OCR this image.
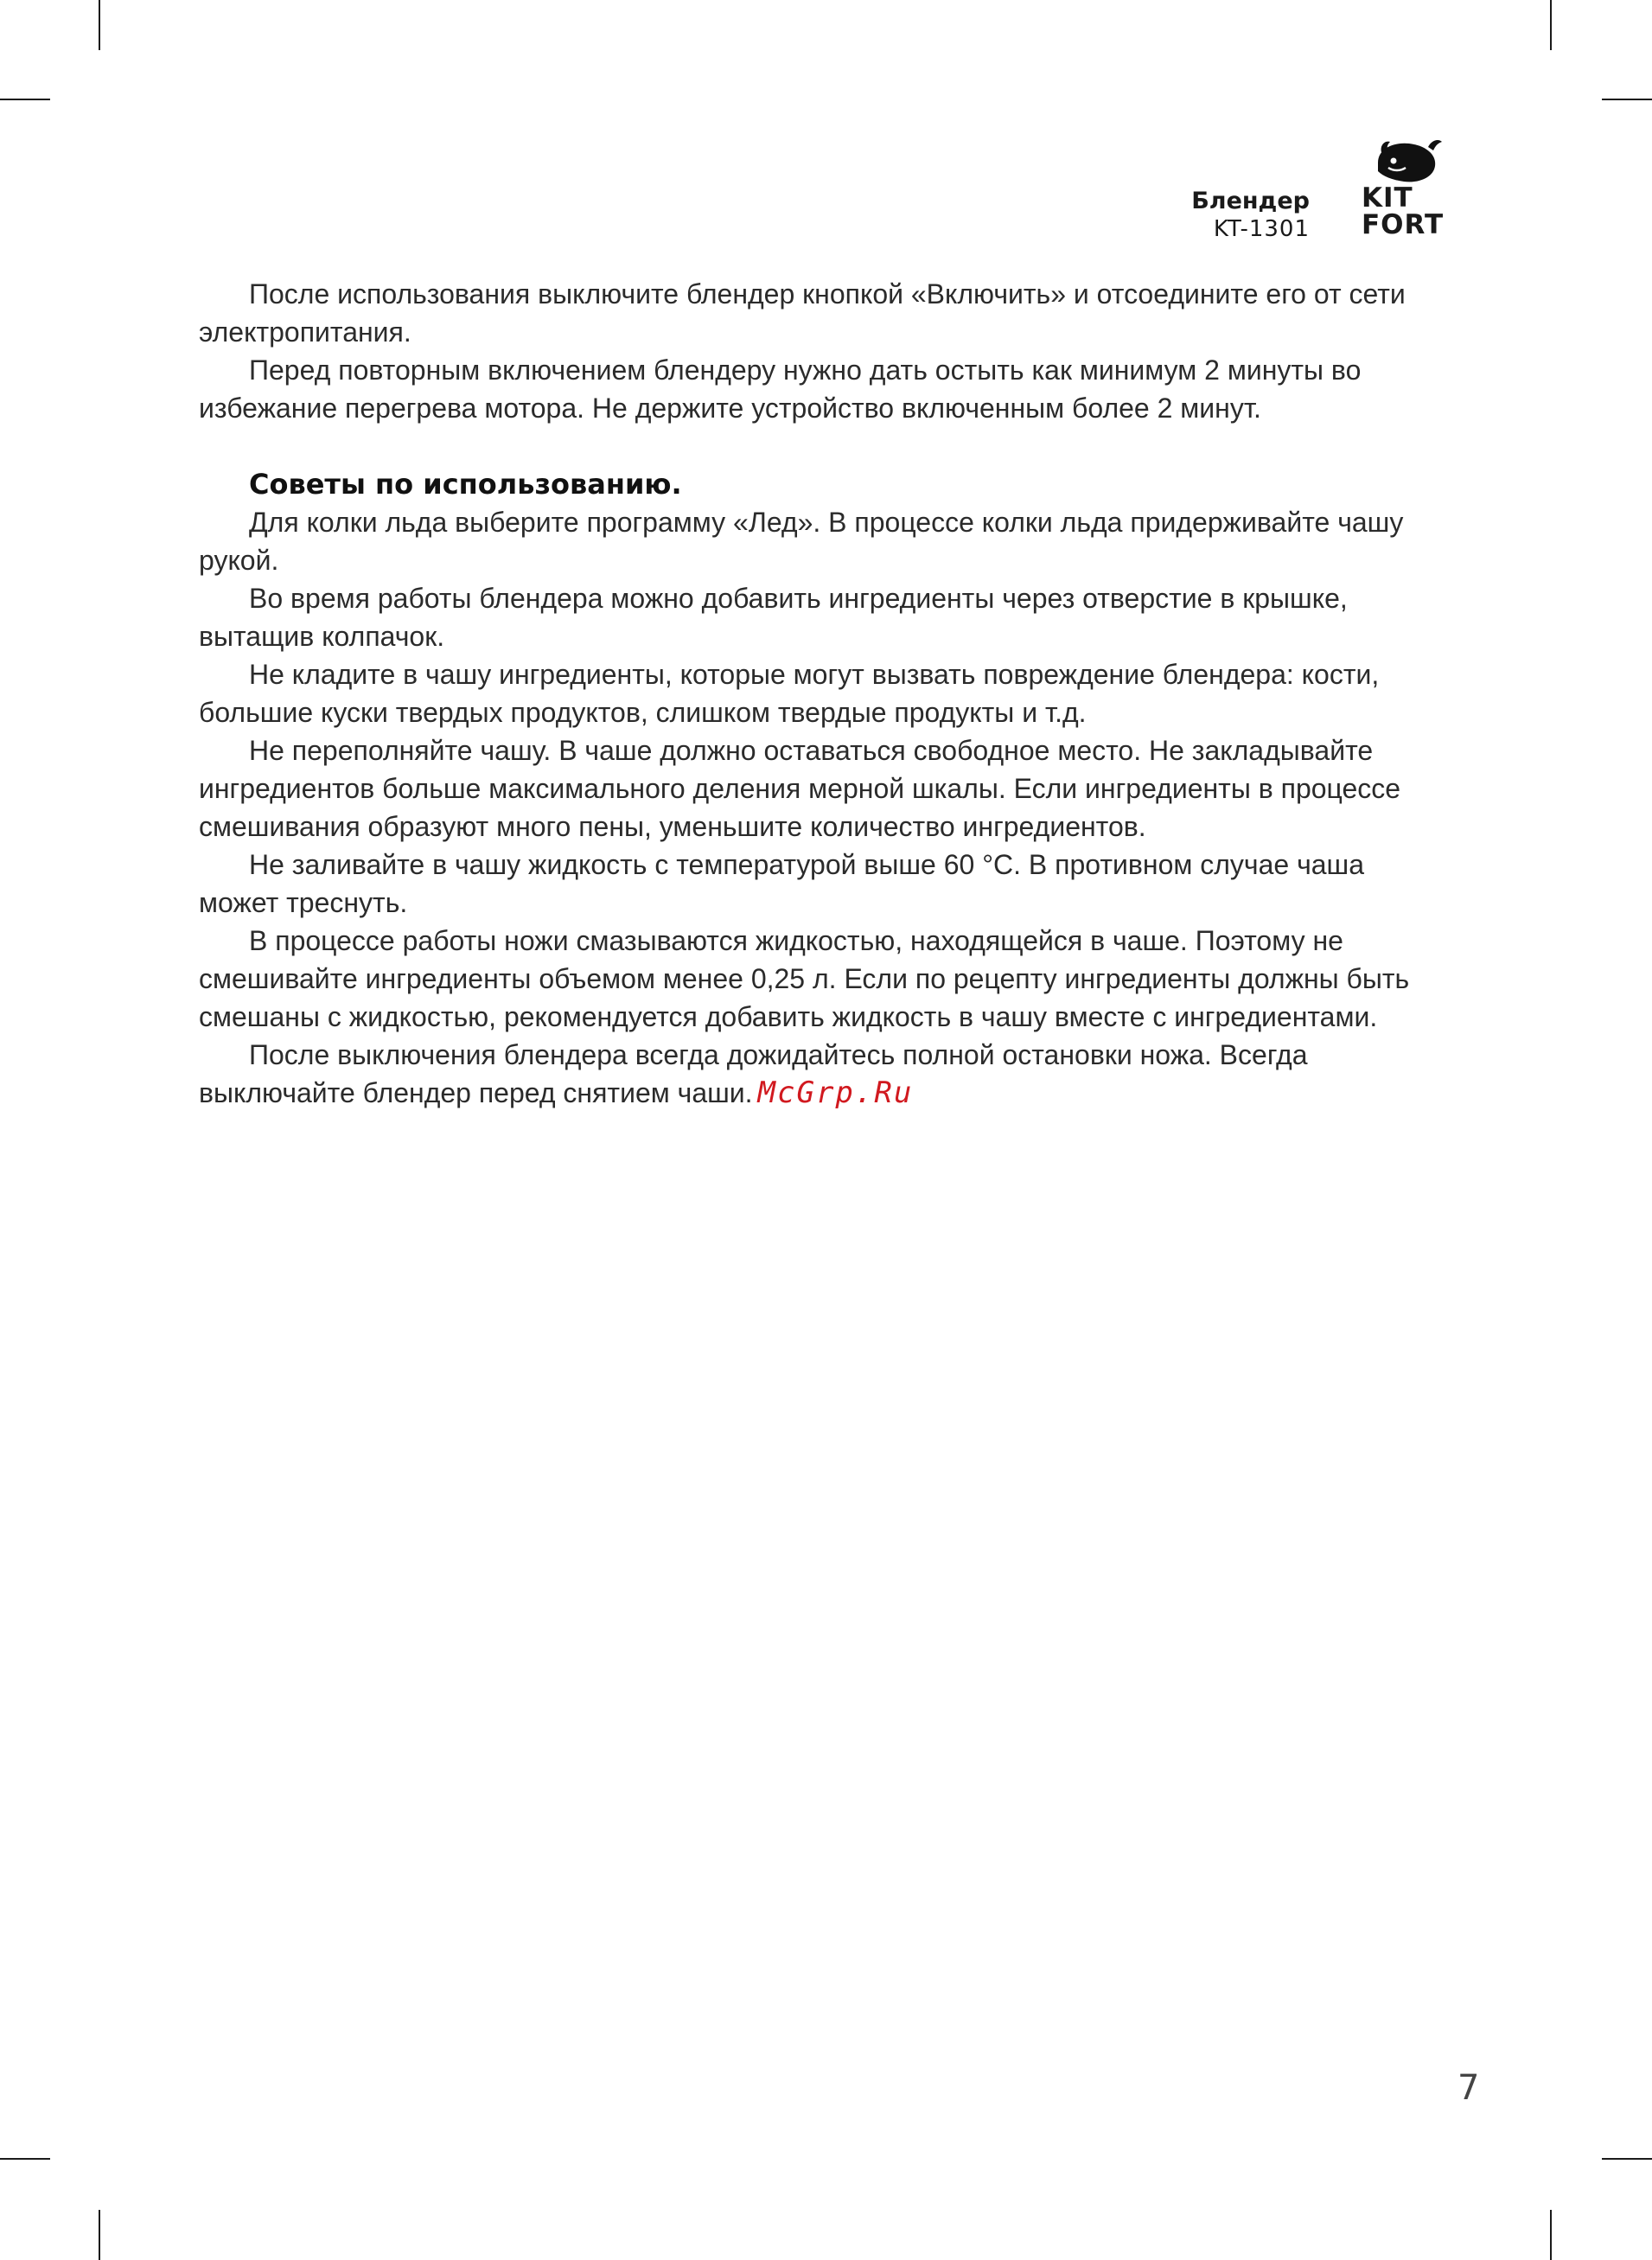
Блендер
KT-1301
KIT
FORT

После использования выключите блендер кнопкой «Включить» и отсоедините его от сети электропитания.

Перед повторным включением блендеру нужно дать остыть как минимум 2 минуты во избежание перегрева мотора. Не держите устройство включенным более 2 минут.

Советы по использованию.

Для колки льда выберите программу «Лед». В процессе колки льда придерживайте чашу рукой.

Во время работы блендера можно добавить ингредиенты через отверстие в крышке, вытащив колпачок.

Не кладите в чашу ингредиенты, которые могут вызвать повреждение блендера: кости, большие куски твердых продуктов, слишком твердые продукты и т.д.

Не переполняйте чашу. В чаше должно оставаться свободное место. Не закладывайте ингредиентов больше максимального деления мерной шкалы. Если ингредиенты в процессе смешивания образуют много пены, уменьшите количество ингредиентов.

Не заливайте в чашу жидкость с температурой выше 60 °C. В противном случае чаша может треснуть.

В процессе работы ножи смазываются жидкостью, находящейся в чаше. Поэтому не смешивайте ингредиенты объемом менее 0,25 л. Если по рецепту ингредиенты должны быть смешаны с жидкостью, рекомендуется добавить жидкость в чашу вместе с ингредиентами.

После выключения блендера всегда дожидайтесь полной остановки ножа. Всегда выключайте блендер перед снятием чаши. McGrp.Ru

7
